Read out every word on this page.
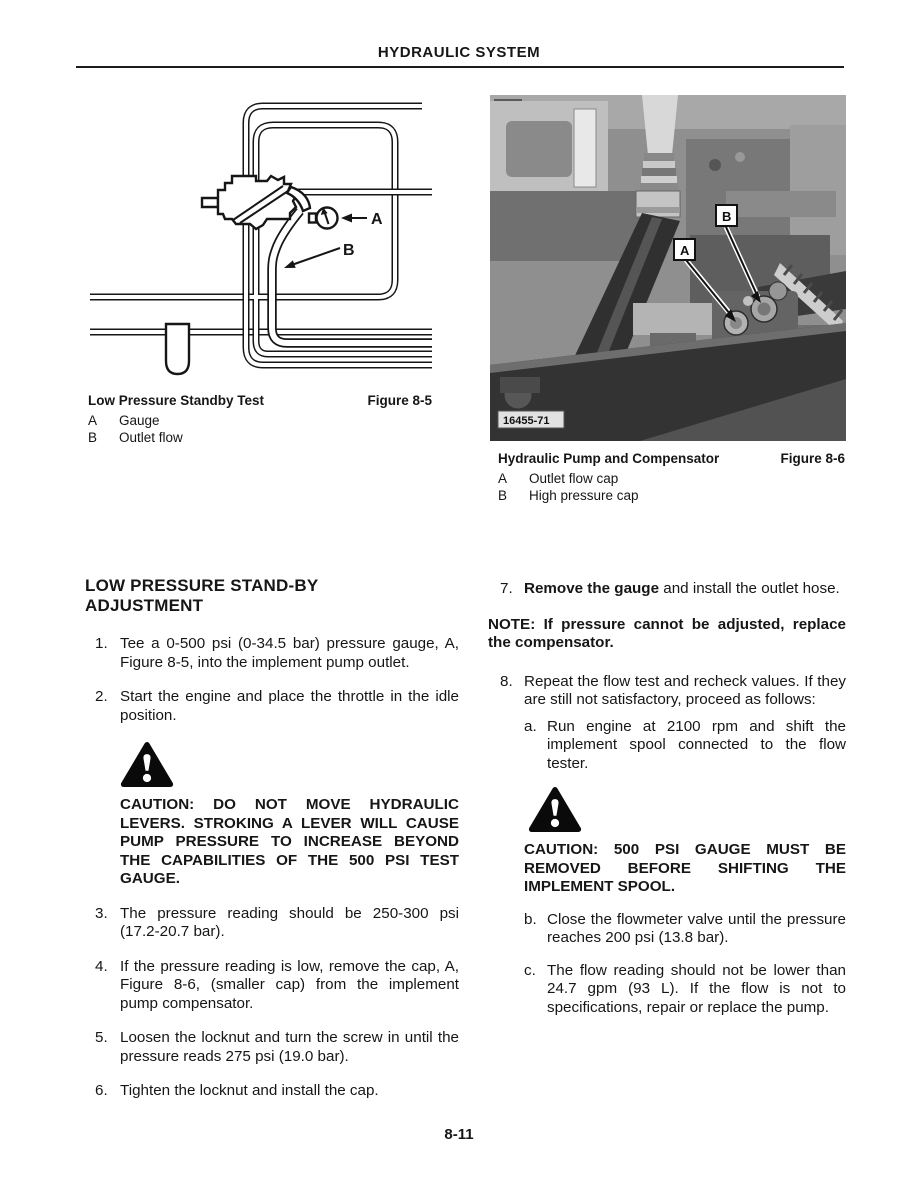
HYDRAULIC SYSTEM
A
B
Low Pressure Standby Test	Figure 8-5
A	Gauge
B	Outlet flow
A
B
16455-71
Hydraulic Pump and Compensator	Figure 8-6
A	Outlet flow cap
B	High pressure cap
LOW PRESSURE STAND-BY ADJUSTMENT
1. Tee a 0-500 psi (0-34.5 bar) pressure gauge, A, Figure 8-5, into the implement pump outlet.
2. Start the engine and place the throttle in the idle position.

CAUTION: DO NOT MOVE HYDRAULIC LEVERS. STROKING A LEVER WILL CAUSE PUMP PRESSURE TO INCREASE BEYOND THE CAPABILITIES OF THE 500 PSI TEST GAUGE.

3. The pressure reading should be 250-300 psi (17.2-20.7 bar).
4. If the pressure reading is low, remove the cap, A, Figure 8-6, (smaller cap) from the implement pump compensator.
5. Loosen the locknut and turn the screw in until the pressure reads 275 psi (19.0 bar).
6. Tighten the locknut and install the cap.
7. Remove the gauge and install the outlet hose.

NOTE: If pressure cannot be adjusted, replace the compensator.

8. Repeat the flow test and recheck values. If they are still not satisfactory, proceed as follows:
a. Run engine at 2100 rpm and shift the implement spool connected to the flow tester.

CAUTION: 500 PSI GAUGE MUST BE REMOVED BEFORE SHIFTING THE IMPLEMENT SPOOL.

b. Close the flowmeter valve until the pressure reaches 200 psi (13.8 bar).
c. The flow reading should not be lower than 24.7 gpm (93 L). If the flow is not to specifications, repair or replace the pump.
8-11
